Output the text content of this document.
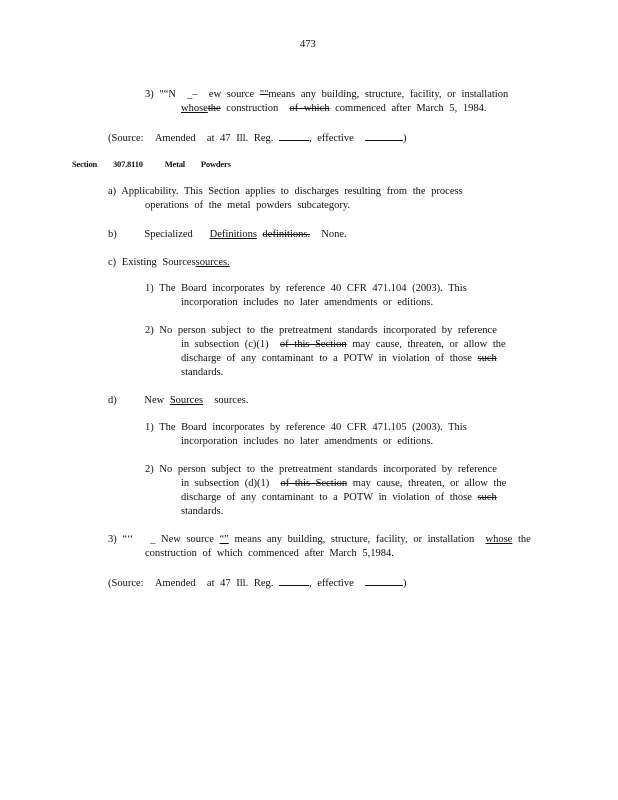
473
3) "“N _– ew source ""means any building, structure, facility, or installation
whosethe construction of which commenced after March 5, 1984.
(Source: Amended at 47 Ill. Reg.	, effective	)
Section 307.8110	Metal Powders
a) Applicability. This Section applies to discharges resulting from the process
operations of the metal powders subcategory.
b)	Specialized Definitions definitions. None.
c) Existing Sourcessources.
1) The Board incorporates by reference 40 CFR 471.104 (2003). This
incorporation includes no later amendments or editions.
2) No person subject to the pretreatment standards incorporated by reference
in subsection (c)(1) of this Section may cause, threaten, or allow the
discharge of any contaminant to a POTW in violation of those such
standards.
d)	New Sources sources.
1) The Board incorporates by reference 40 CFR 471.105 (2003). This
incorporation includes no later amendments or editions.
2) No person subject to the pretreatment standards incorporated by reference
in subsection (d)(1) of this Section may cause, threaten, or allow the
discharge of any contaminant to a POTW in violation of those such
standards.
3) “‘‘ _ New source “” means any building, structure, facility, or installation whose the
construction of which commenced after March 5,1984.
(Source: Amended at 47 Ill. Reg.	, effective	)
